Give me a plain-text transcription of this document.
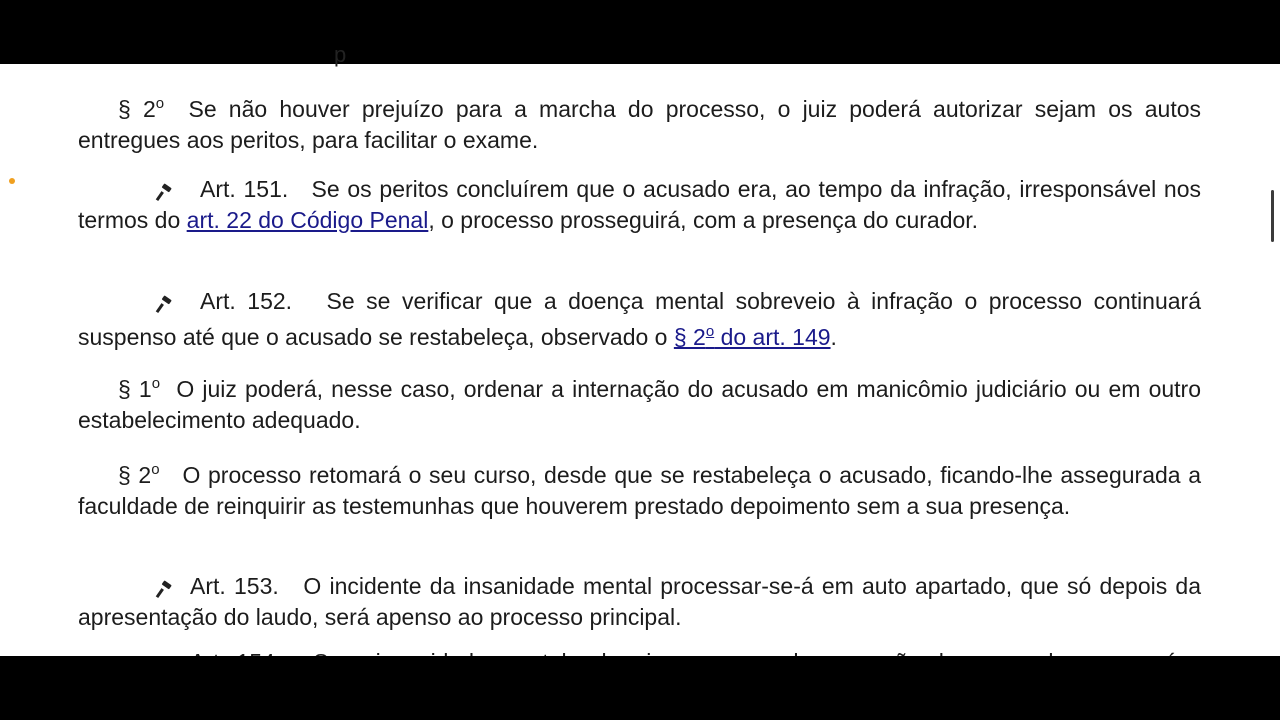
p

§ 2$^o$ Se não houver prejuízo para a marcha do processo, o juiz poderá autorizar sejam os autos entregues aos peritos, para facilitar o exame.

Art. 151. Se os peritos concluírem que o acusado era, ao tempo da infração, irresponsável nos termos do art. 22 do Código Penal, o processo prosseguirá, com a presença do curador.

Art. 152. Se se verificar que a doença mental sobreveio à infração o processo continuará suspenso até que o acusado se restabeleça, observado o § 2$^o$ do art. 149.

§ 1$^o$ O juiz poderá, nesse caso, ordenar a internação do acusado em manicômio judiciário ou em outro estabelecimento adequado.

§ 2$^o$ O processo retomará o seu curso, desde que se restabeleça o acusado, ficando-lhe assegurada a faculdade de reinquirir as testemunhas que houverem prestado depoimento sem a sua presença.

Art. 153. O incidente da insanidade mental processar-se-á em auto apartado, que só depois da apresentação do laudo, será apenso ao processo principal.
